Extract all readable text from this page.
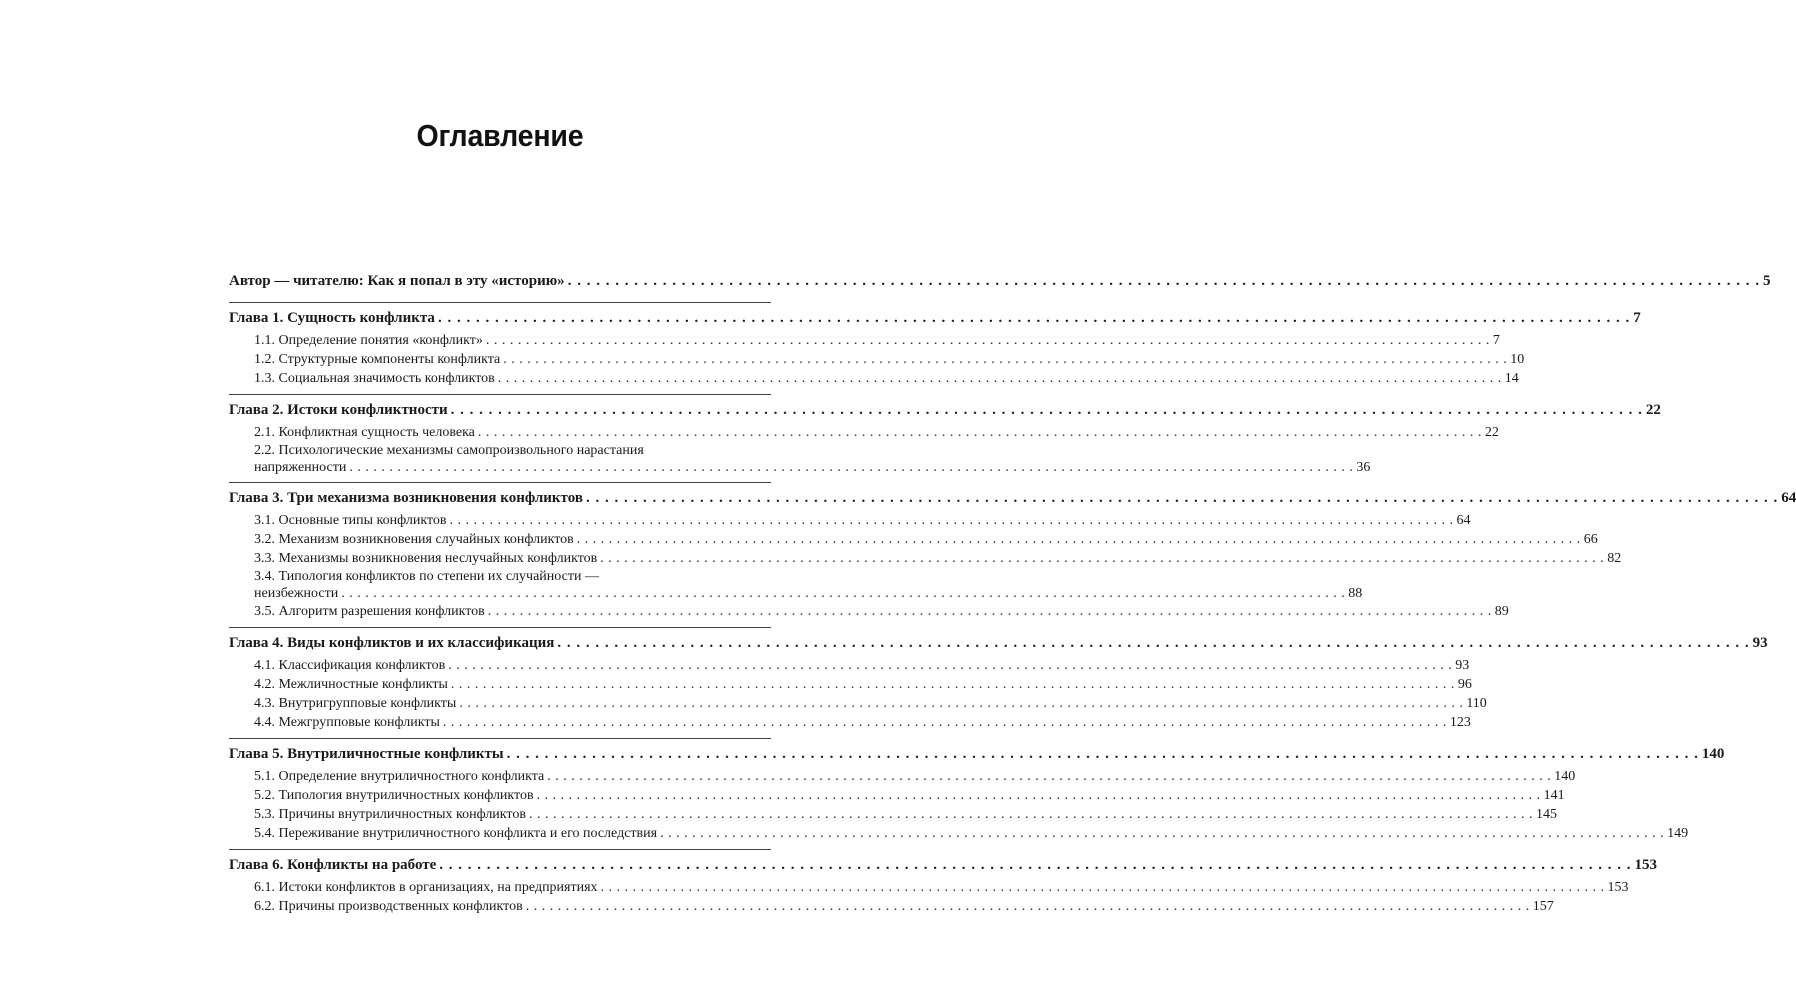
Оглавление
Автор — читателю: Как я попал в эту «историю» . . .	5
Глава 1. Сущность конфликта . . .	7
1.1. Определение понятия «конфликт» . . .	7
1.2. Структурные компоненты конфликта . . .	10
1.3. Социальная значимость конфликтов . . .	14
Глава 2. Истоки конфликтности . . .	22
2.1. Конфликтная сущность человека . . .	22
2.2. Психологические механизмы самопроизвольного нарастания
напряженности . . .	36
Глава 3. Три механизма возникновения конфликтов . . .	64
3.1. Основные типы конфликтов . . .	64
3.2. Механизм возникновения случайных конфликтов . . .	66
3.3. Механизмы возникновения неслучайных конфликтов . . .	82
3.4. Типология конфликтов по степени их случайности —
неизбежности . . .	88
3.5. Алгоритм разрешения конфликтов . . .	89
Глава 4. Виды конфликтов и их классификация . . .	93
4.1. Классификация конфликтов . . .	93
4.2. Межличностные конфликты . . .	96
4.3. Внутригрупповые конфликты . . .	110
4.4. Межгрупповые конфликты . . .	123
Глава 5. Внутриличностные конфликты . . .	140
5.1. Определение внутриличностного конфликта . . .	140
5.2. Типология внутриличностных конфликтов . . .	141
5.3. Причины внутриличностных конфликтов . . .	145
5.4. Переживание внутриличностного конфликта и его последствия . . .	149
Глава 6. Конфликты на работе . . .	153
6.1. Истоки конфликтов в организациях, на предприятиях . . .	153
6.2. Причины производственных конфликтов . . .	157
